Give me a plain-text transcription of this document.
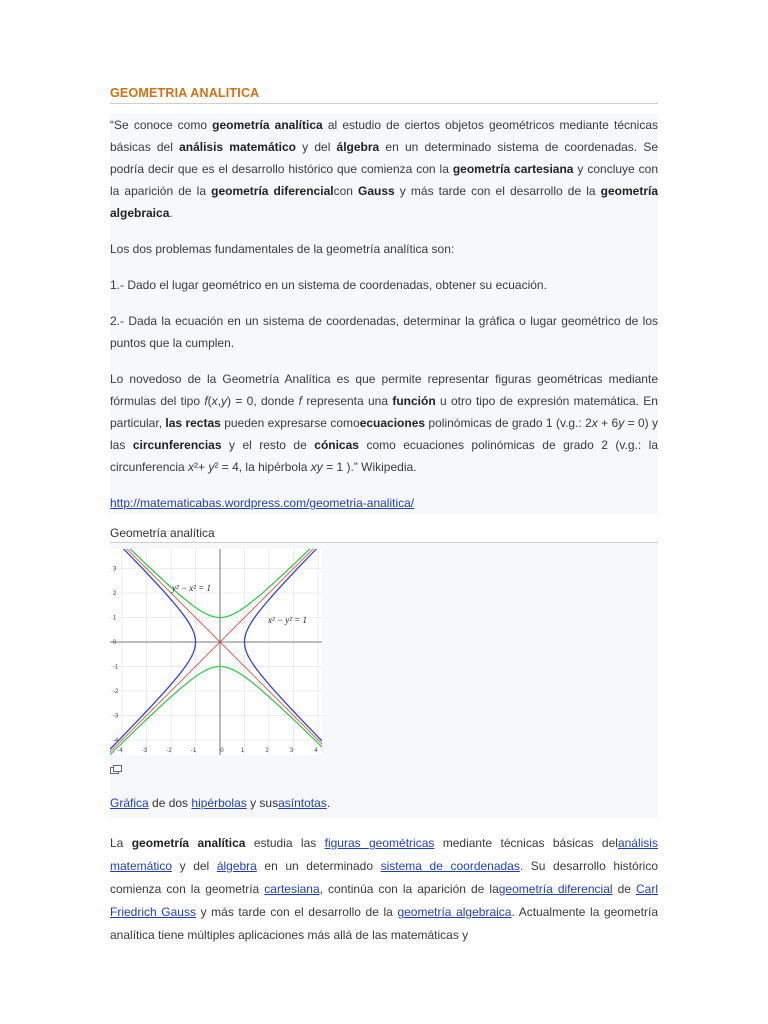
GEOMETRIA ANALITICA

“Se conoce como geometría analítica al estudio de ciertos objetos geométricos mediante técnicas básicas del análisis matemático y del álgebra en un determinado sistema de coordenadas. Se podría decir que es el desarrollo histórico que comienza con la geometría cartesiana y concluye con la aparición de la geometría diferencialcon Gauss y más tarde con el desarrollo de la geometría algebraica.

Los dos problemas fundamentales de la geometría analítica son:

1.- Dado el lugar geométrico en un sistema de coordenadas, obtener su ecuación.

2.- Dada la ecuación en un sistema de coordenadas, determinar la gráfica o lugar geométrico de los puntos que la cumplen.

Lo novedoso de la Geometría Analítica es que permite representar figuras geométricas mediante fórmulas del tipo f(x,y) = 0, donde f representa una función u otro tipo de expresión matemática. En particular, las rectas pueden expresarse comoecuaciones polinómicas de grado 1 (v.g.: 2x + 6y = 0) y las circunferencias y el resto de cónicas como ecuaciones polinómicas de grado 2 (v.g.: la circunferencia x²+ y² = 4, la hipérbola xy = 1 ).” Wikipedia.

http://matematicabas.wordpress.com/geometria-analitica/

Geometría analítica
-4	-3	-2	-1	0	1	2	3	4
3
2
1
0
-1
-2
-3
-4
y² − x² = 1
x² − y² = 1
Gráfica de dos hipérbolas y susasíntotas.

La geometría analítica estudia las figuras geométricas mediante técnicas básicas delanálisis matemático y del álgebra en un determinado sistema de coordenadas. Su desarrollo histórico comienza con la geometría cartesiana, continúa con la aparición de lageometría diferencial de Carl Friedrich Gauss y más tarde con el desarrollo de la geometría algebraica. Actualmente la geometría analítica tiene múltiples aplicaciones más allá de las matemáticas y
